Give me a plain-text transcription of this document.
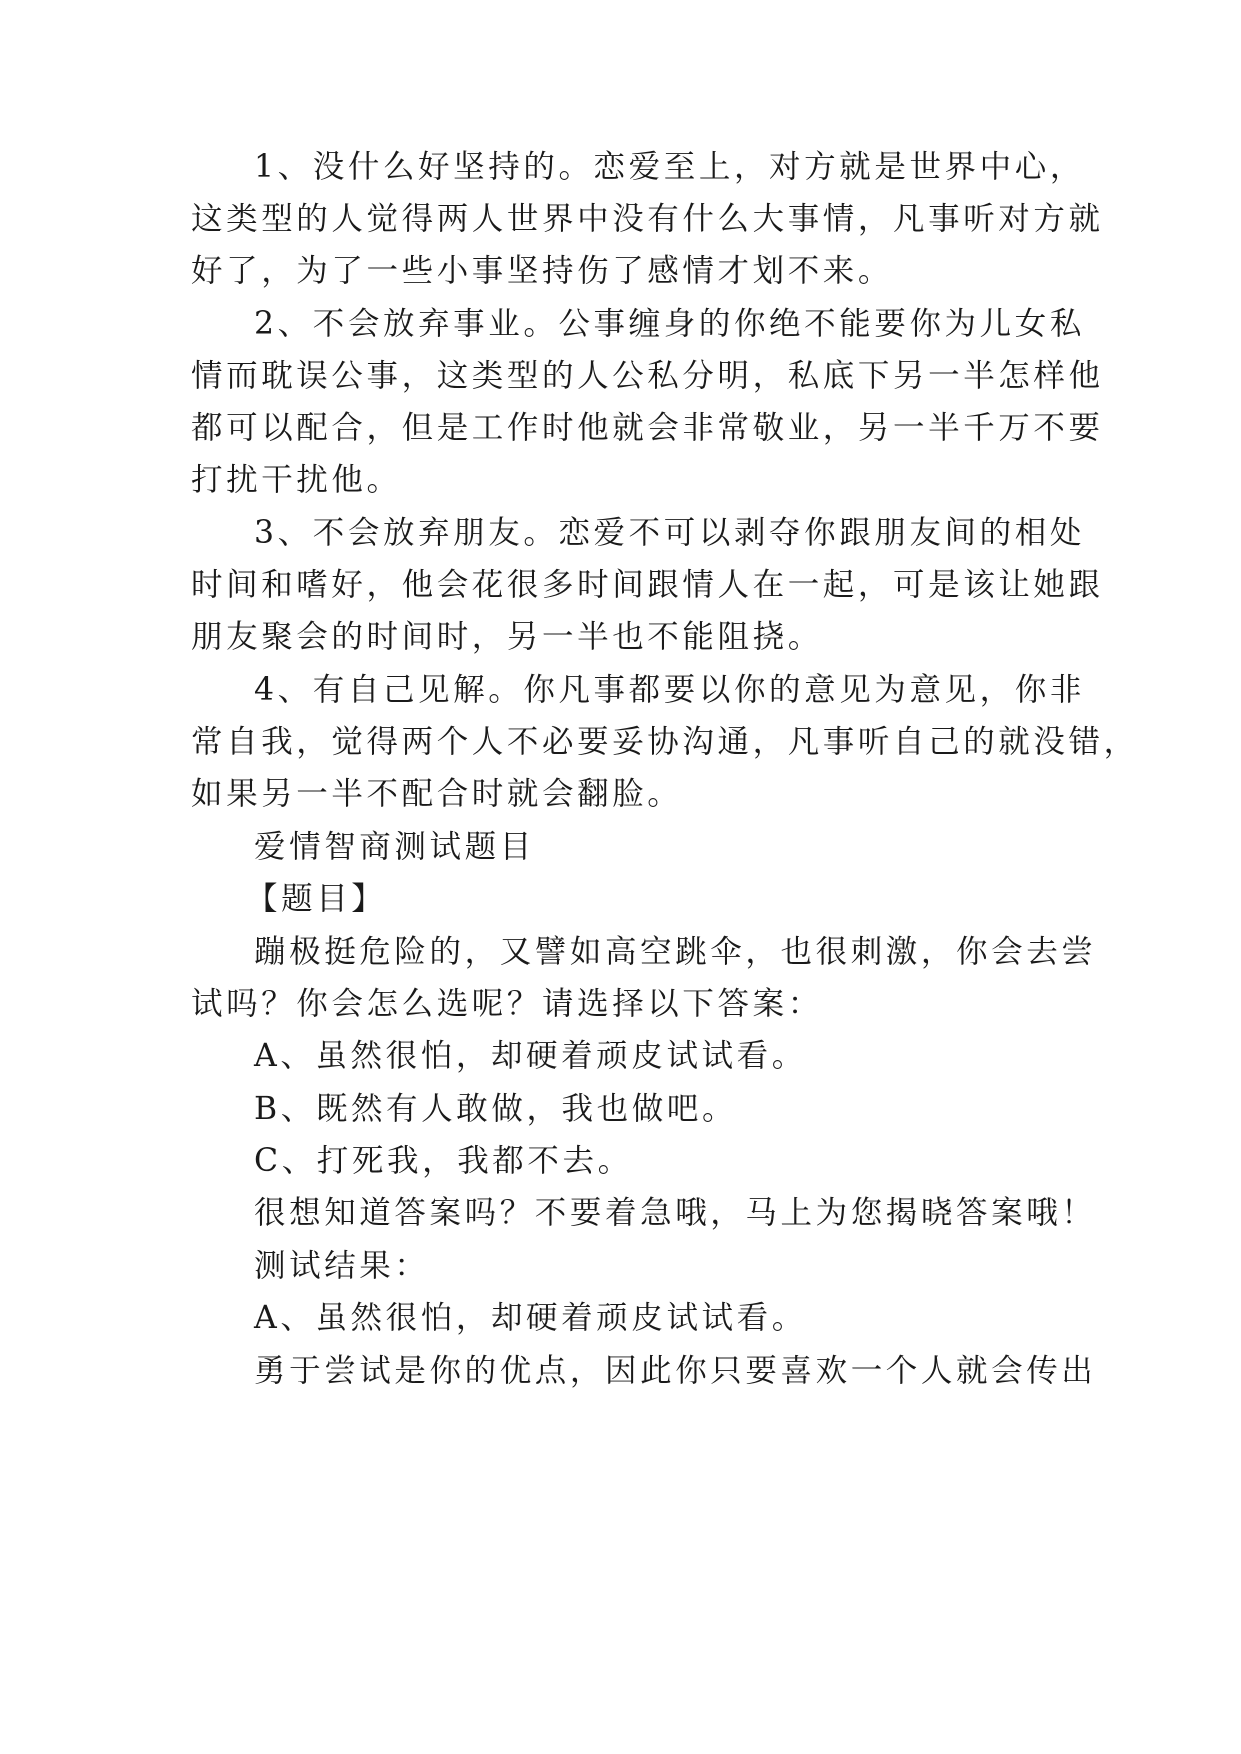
1、没什么好坚持的。恋爱至上，对方就是世界中心，
这类型的人觉得两人世界中没有什么大事情，凡事听对方就
好了，为了一些小事坚持伤了感情才划不来。
2、不会放弃事业。公事缠身的你绝不能要你为儿女私
情而耽误公事，这类型的人公私分明，私底下另一半怎样他
都可以配合，但是工作时他就会非常敬业，另一半千万不要
打扰干扰他。
3、不会放弃朋友。恋爱不可以剥夺你跟朋友间的相处
时间和嗜好，他会花很多时间跟情人在一起，可是该让她跟
朋友聚会的时间时，另一半也不能阻挠。
4、有自己见解。你凡事都要以你的意见为意见，你非
常自我，觉得两个人不必要妥协沟通，凡事听自己的就没错，
如果另一半不配合时就会翻脸。
爱情智商测试题目
【题目】
蹦极挺危险的，又譬如高空跳伞，也很刺激，你会去尝
试吗？你会怎么选呢？请选择以下答案：
A、虽然很怕，却硬着顽皮试试看。
B、既然有人敢做，我也做吧。
C、打死我，我都不去。
很想知道答案吗？不要着急哦，马上为您揭晓答案哦！
测试结果：
A、虽然很怕，却硬着顽皮试试看。
勇于尝试是你的优点，因此你只要喜欢一个人就会传出
